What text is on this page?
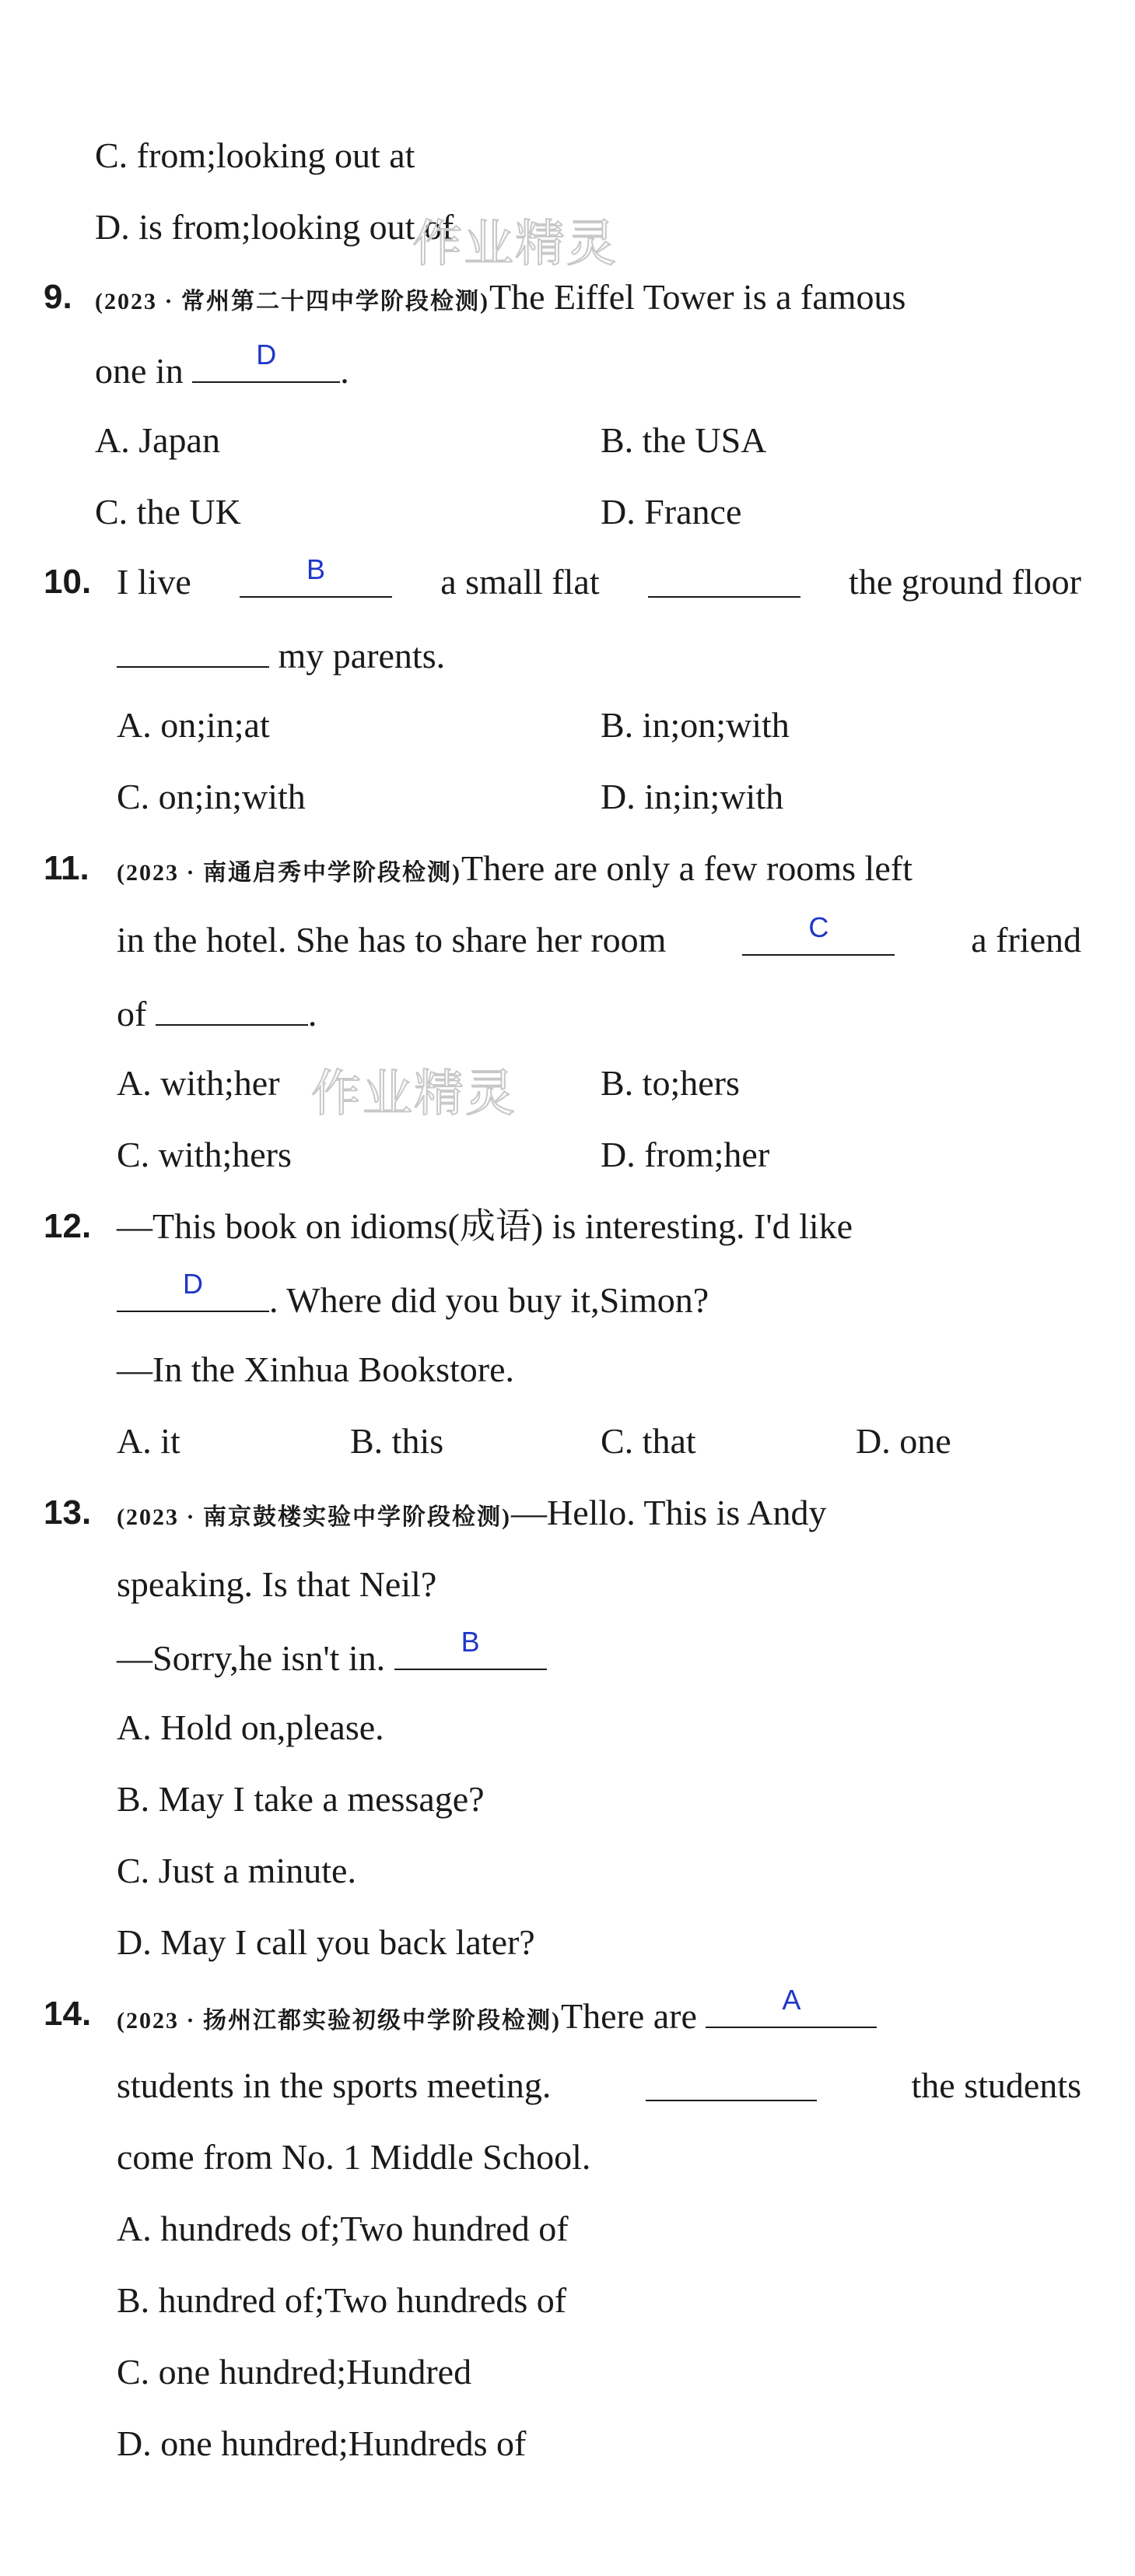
C. from;looking out at
D. is from;looking out of
作业精灵
9. (2023 · 常州第二十四中学阶段检测)The Eiffel Tower is a famous
one in	D	.
A. Japan	B. the USA
C. the UK	D. France
10. I live	B	a small flat	the ground floor
my parents.
A. on;in;at	B. in;on;with
C. on;in;with	D. in;in;with
11. (2023 · 南通启秀中学阶段检测)There are only a few rooms left
in the hotel. She has to share her room	C	a friend
of	.
A. with;her 作业精灵 B. to;hers
C. with;hers	D. from;her
12. —This book on idioms(成语) is interesting. I'd like
D	. Where did you buy it,Simon?
—In the Xinhua Bookstore.
A. it	B. this	C. that	D. one
13. (2023 · 南京鼓楼实验中学阶段检测)—Hello. This is Andy
speaking. Is that Neil?
—Sorry,he isn't in.	B
A. Hold on,please.
B. May I take a message?
C. Just a minute.
D. May I call you back later?
14. (2023 · 扬州江都实验初级中学阶段检测)There are	A
students in the sports meeting.	the students
come from No. 1 Middle School.
A. hundreds of;Two hundred of
B. hundred of;Two hundreds of
C. one hundred;Hundred
D. one hundred;Hundreds of
